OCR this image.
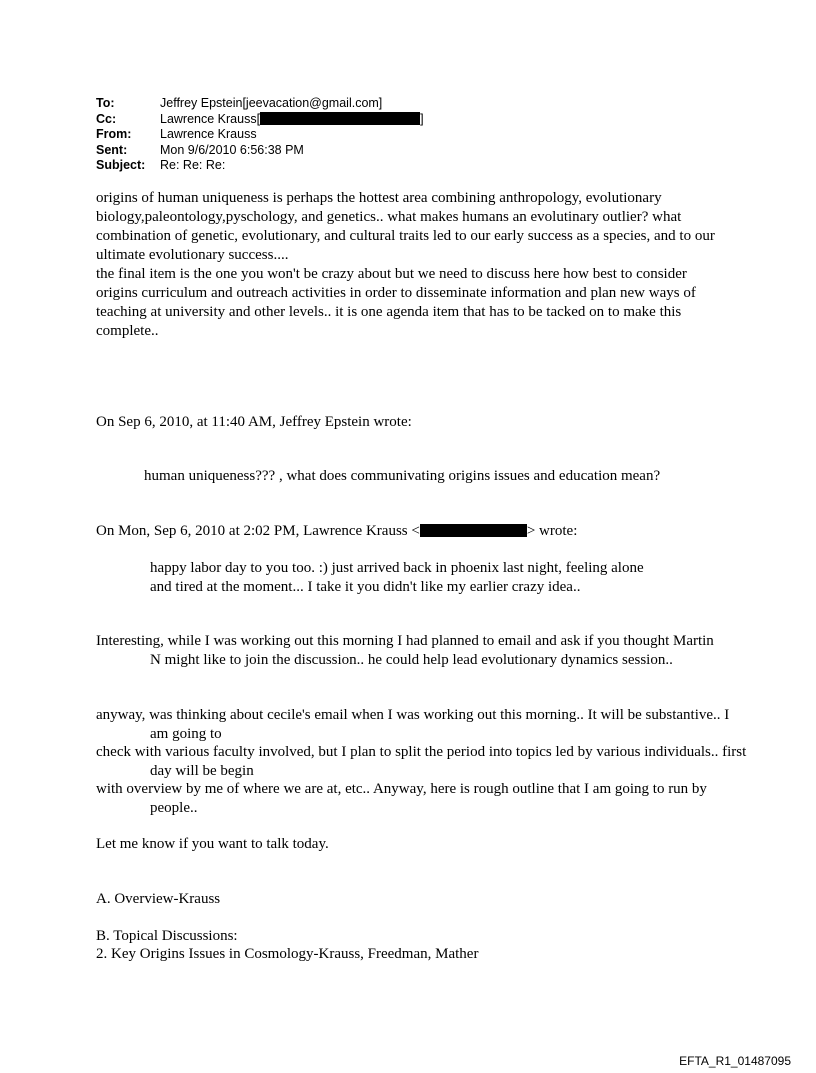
To:	Jeffrey Epstein[jeevacation@gmail.com]
Cc:	Lawrence Krauss[	]
From:	Lawrence Krauss
Sent:	Mon 9/6/2010 6:56:38 PM
Subject:	Re: Re: Re:

origins of human uniqueness is perhaps the hottest area combining anthropology, evolutionary biology,paleontology,pyschology, and genetics.. what makes humans an evolutinary outlier? what combination of genetic, evolutionary, and cultural traits led to our early success as a species, and to our ultimate evolutionary success....

the final item is the one you won't be crazy about but we need to discuss here how best to consider origins curriculum and outreach activities in order to disseminate information and plan new ways of teaching at university and other levels.. it is one agenda item that has to be tacked on to make this complete..

On Sep 6, 2010, at 11:40 AM, Jeffrey Epstein wrote:

human uniqueness??? , what does communivating origins issues and education mean?

On Mon, Sep 6, 2010 at 2:02 PM, Lawrence Krauss <	> wrote:

happy labor day to you too. :) just arrived back in phoenix last night, feeling alone and tired at the moment... I take it you didn't like my earlier crazy idea..

Interesting, while I was working out this morning I had planned to email and ask if you thought Martin N might like to join the discussion.. he could help lead evolutionary dynamics session..

anyway, was thinking about cecile's email when I was working out this morning.. It will be substantive.. I am going to

check with various faculty involved, but I plan to split the period into topics led by various individuals.. first day will be begin

with overview by me of where we are at, etc.. Anyway, here is rough outline that I am going to run by people..

Let me know if you want to talk today.

A. Overview-Krauss

B. Topical Discussions:

2. Key Origins Issues in Cosmology-Krauss, Freedman, Mather

EFTA_R1_01487095
